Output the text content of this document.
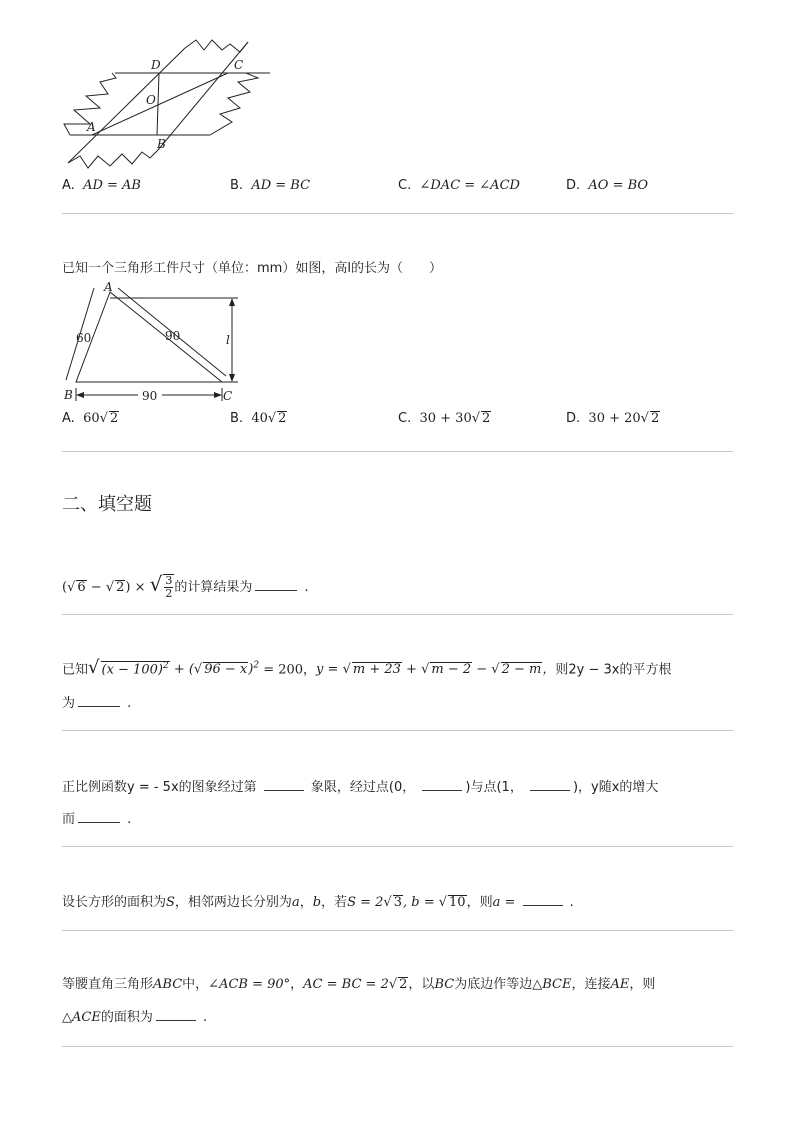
D	C
O
A
B
A. AD = AB	B. AD = BC	C. ∠DAC = ∠ACD	D. AO = BO
已知一个三角形工件尺寸（单位：mm）如图，高l的长为（　　）
A
B	C
l
60	90
90
A. 60√ 2	B. 40√ 2	C. 30 + 30√ 2	D. 30 + 20√ 2
二、填空题
(√ 6 − √ 2) × √ $\frac{3}{2}$ 的计算结果为	.
已知√ $(x - 100)^2$ + (√ 96 − x)$^2$ = 200，y = √ m + 23 + √ m − 2 − √ 2 − m，则2y − 3x的平方根
为	.
正比例函数y = - 5x的图象经过第	象限，经过点(0，	)与点(1，	)，y随x的增大
而	.
设长方形的面积为S，相邻两边长分别为a，b，若S = 2√ 3, b = √ 10，则a =	.
等腰直角三角形ABC中，∠ACB = 90°，AC = BC = 2√ 2，以BC为底边作等边△BCE，连接AE，则
△ACE的面积为	.
